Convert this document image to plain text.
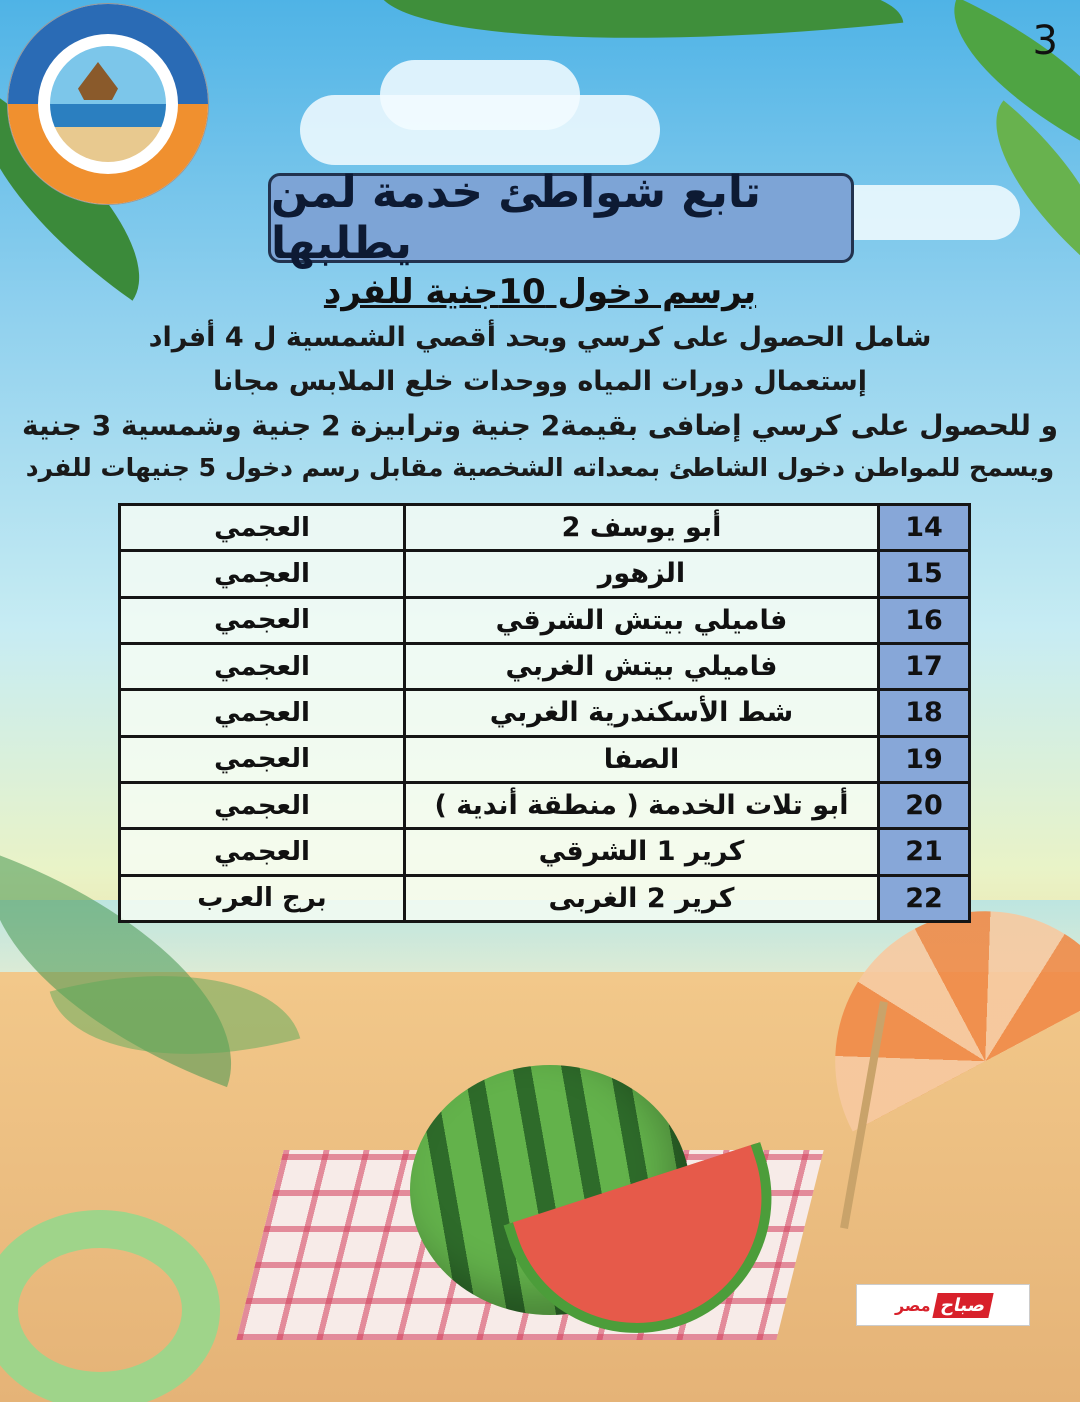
3
تابع شواطئ خدمة لمن يطلبها
برسم دخول 10جنية للفرد
شامل الحصول على كرسي وبحد أقصي الشمسية ل 4 أفراد
إستعمال دورات المياه ووحدات خلع الملابس مجانا
و للحصول على كرسي إضافى بقيمة2 جنية وترابيزة 2 جنية وشمسية 3 جنية
ويسمح للمواطن دخول الشاطئ بمعداته الشخصية مقابل رسم دخول 5 جنيهات للفرد
14	أبو يوسف 2	العجمي
15	الزهور	العجمي
16	فاميلي بيتش الشرقي	العجمي
17	فاميلي بيتش الغربي	العجمي
18	شط الأسكندرية الغربي	العجمي
19	الصفا	العجمي
20	أبو تلات الخدمة ( منطقة أندية )	العجمي
21	كرير 1 الشرقي	العجمي
22	كرير 2 الغربى	برج العرب
صباح
مصر
